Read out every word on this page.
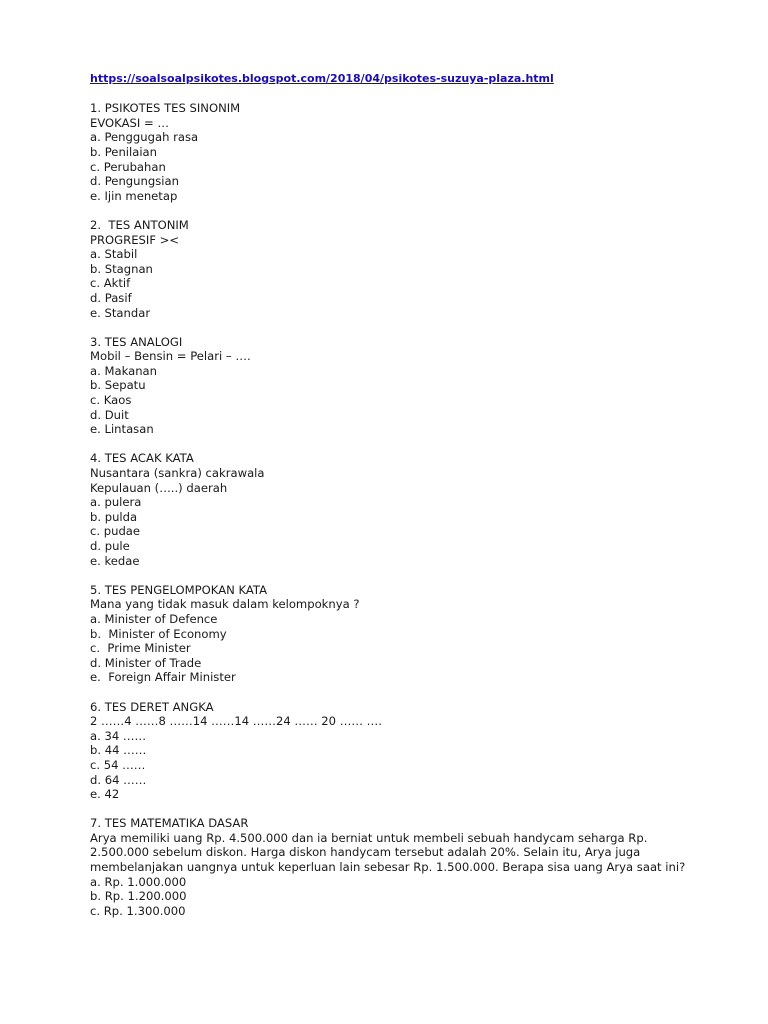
https://soalsoalpsikotes.blogspot.com/2018/04/psikotes-suzuya-plaza.html
1. PSIKOTES TES SINONIM
EVOKASI = …
a. Penggugah rasa
b. Penilaian
c. Perubahan
d. Pengungsian
e. Ijin menetap
2.  TES ANTONIM
PROGRESIF ><
a. Stabil
b. Stagnan
c. Aktif
d. Pasif
e. Standar
3. TES ANALOGI
Mobil – Bensin = Pelari – ….
a. Makanan
b. Sepatu
c. Kaos
d. Duit
e. Lintasan
4. TES ACAK KATA
Nusantara (sankra) cakrawala
Kepulauan (…..) daerah
a. pulera
b. pulda
c. pudae
d. pule
e. kedae
5. TES PENGELOMPOKAN KATA
Mana yang tidak masuk dalam kelompoknya ?
a. Minister of Defence
b.  Minister of Economy
c.  Prime Minister
d. Minister of Trade
e.  Foreign Affair Minister
6. TES DERET ANGKA
2 ……4 ……8 ……14 ……14 ……24 …… 20 …… ….
a. 34 ……
b. 44 ……
c. 54 ……
d. 64 ……
e. 42
7. TES MATEMATIKA DASAR
Arya memiliki uang Rp. 4.500.000 dan ia berniat untuk membeli sebuah handycam seharga Rp. 2.500.000 sebelum diskon. Harga diskon handycam tersebut adalah 20%. Selain itu, Arya juga membelanjakan uangnya untuk keperluan lain sebesar Rp. 1.500.000. Berapa sisa uang Arya saat ini?
a. Rp. 1.000.000
b. Rp. 1.200.000
c. Rp. 1.300.000
